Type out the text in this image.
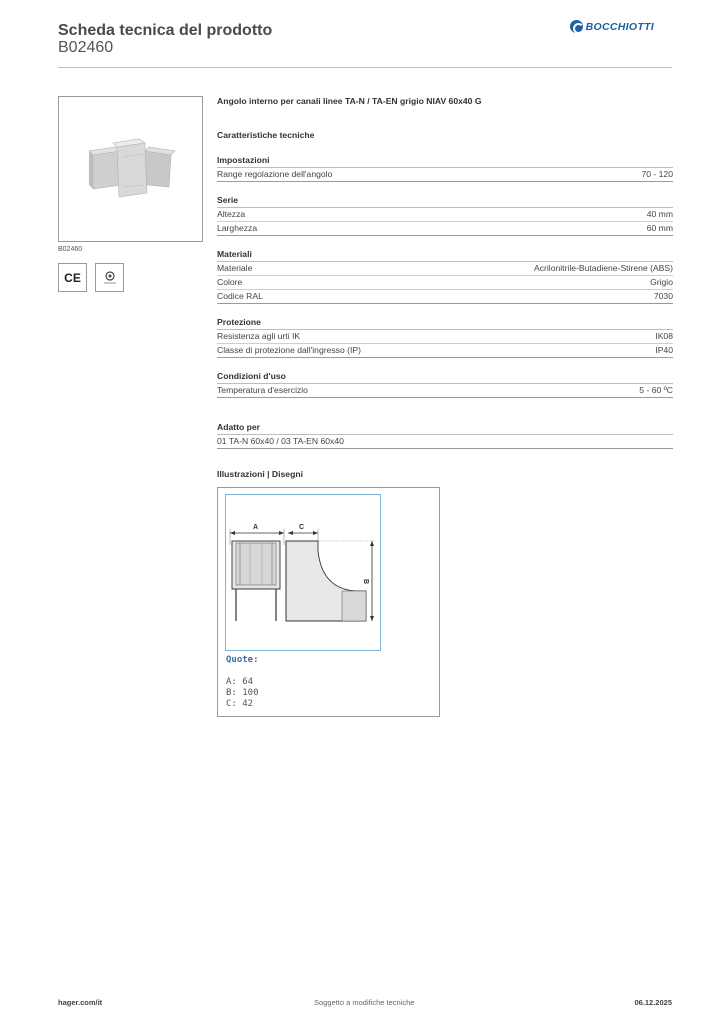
Scheda tecnica del prodotto
B02460
BOCCHIOTTI
B02460
CE
Angolo interno per canali linee TA-N / TA-EN grigio NIAV 60x40 G
Caratteristiche tecniche
Impostazioni
Range regolazione dell'angolo	70 - 120
Serie
Altezza	40 mm
Larghezza	60 mm
Materiali
Materiale	Acrilonitrile-Butadiene-Stirene (ABS)
Colore	Grigio
Codice RAL	7030
Protezione
Resistenza agli urti IK	IK08
Classe di protezione dall'ingresso (IP)	IP40
Condizioni d'uso
Temperatura d'esercizio	5 - 60 ºC
Adatto per
01 TA-N 60x40 / 03 TA-EN 60x40
Illustrazioni | Disegni
A	C
B
Quote:
A: 64
B: 100
C: 42
hager.com/it	Soggetto a modifiche tecniche	06.12.2025
